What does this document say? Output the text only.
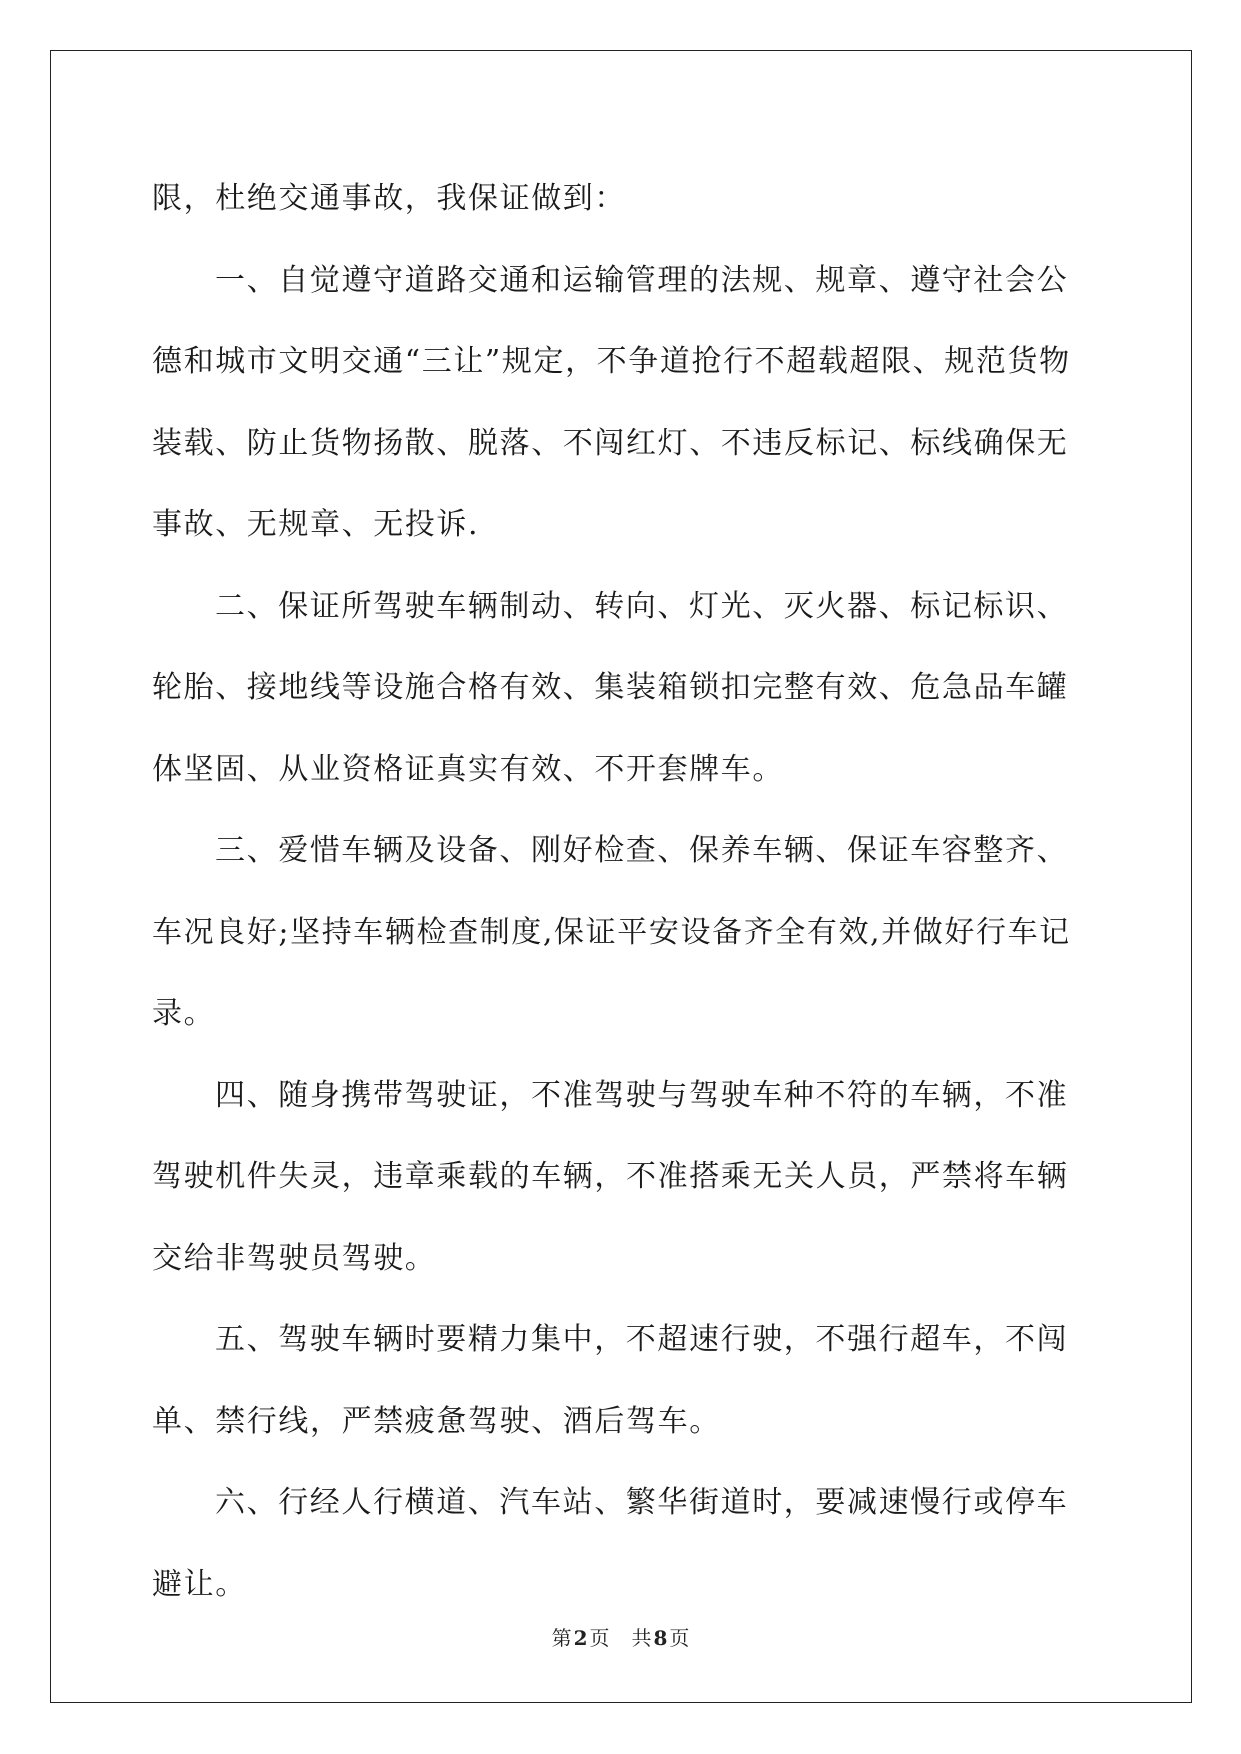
限，杜绝交通事故，我保证做到：

一、自觉遵守道路交通和运输管理的法规、规章、遵守社会公德和城市文明交通“三让”规定，不争道抢行不超载超限、规范货物装载、防止货物扬散、脱落、不闯红灯、不违反标记、标线确保无事故、无规章、无投诉.

二、保证所驾驶车辆制动、转向、灯光、灭火器、标记标识、轮胎、接地线等设施合格有效、集装箱锁扣完整有效、危急品车罐体坚固、从业资格证真实有效、不开套牌车。

三、爱惜车辆及设备、刚好检查、保养车辆、保证车容整齐、车况良好;坚持车辆检查制度,保证平安设备齐全有效,并做好行车记录。

四、随身携带驾驶证，不准驾驶与驾驶车种不符的车辆，不准驾驶机件失灵，违章乘载的车辆，不准搭乘无关人员，严禁将车辆交给非驾驶员驾驶。

五、驾驶车辆时要精力集中，不超速行驶，不强行超车，不闯单、禁行线，严禁疲惫驾驶、酒后驾车。

六、行经人行横道、汽车站、繁华街道时，要减速慢行或停车避让。

第 2 页 共 8 页
